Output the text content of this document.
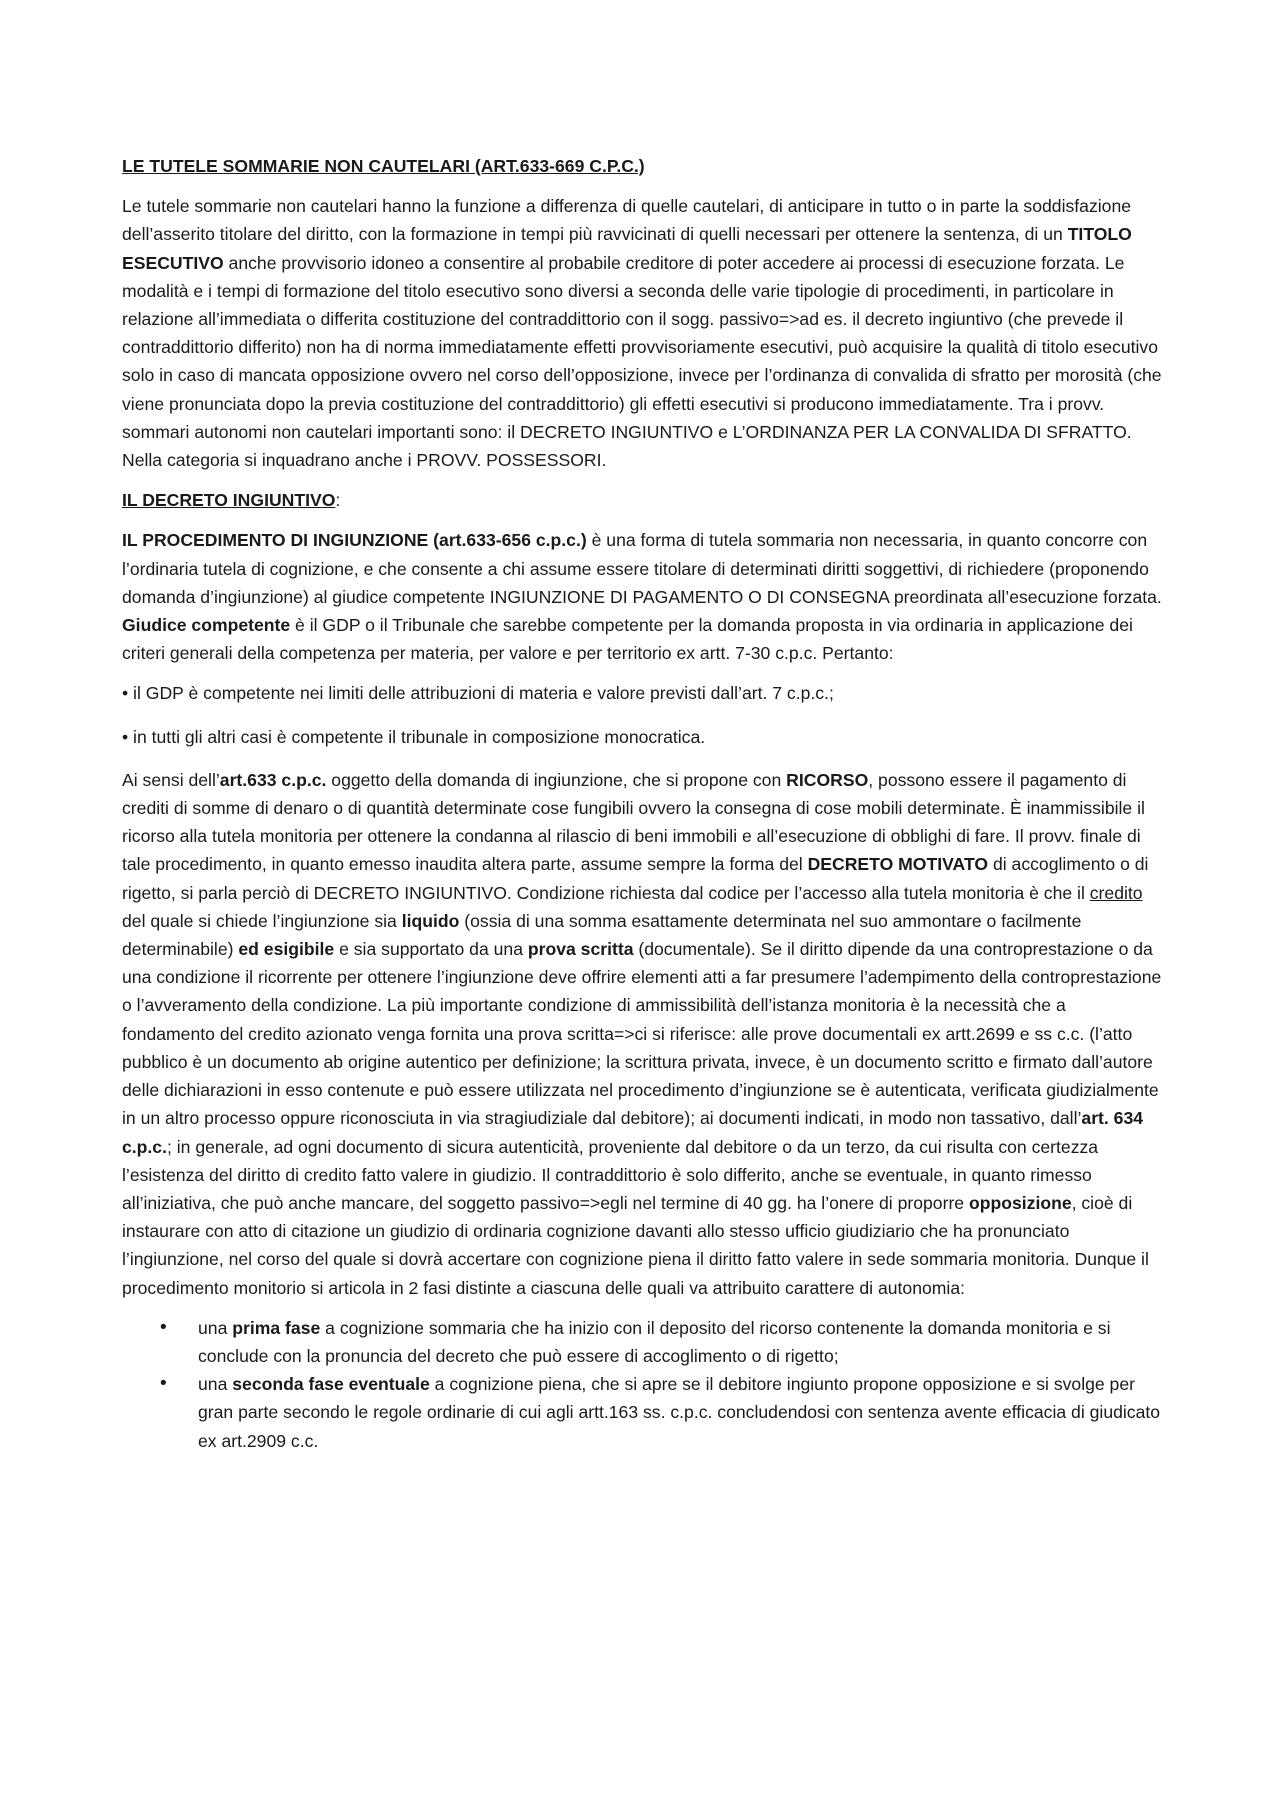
LE TUTELE SOMMARIE NON CAUTELARI (ART.633-669 C.P.C.)

Le tutele sommarie non cautelari hanno la funzione a differenza di quelle cautelari, di anticipare in tutto o in parte la soddisfazione dell’asserito titolare del diritto, con la formazione in tempi più ravvicinati di quelli necessari per ottenere la sentenza, di un TITOLO ESECUTIVO anche provvisorio idoneo a consentire al probabile creditore di poter accedere ai processi di esecuzione forzata. Le modalità e i tempi di formazione del titolo esecutivo sono diversi a seconda delle varie tipologie di procedimenti, in particolare in relazione all’immediata o differita costituzione del contraddittorio con il sogg. passivo=>ad es. il decreto ingiuntivo (che prevede il contraddittorio differito) non ha di norma immediatamente effetti provvisoriamente esecutivi, può acquisire la qualità di titolo esecutivo solo in caso di mancata opposizione ovvero nel corso dell’opposizione, invece per l’ordinanza di convalida di sfratto per morosità (che viene pronunciata dopo la previa costituzione del contraddittorio) gli effetti esecutivi si producono immediatamente. Tra i provv. sommari autonomi non cautelari importanti sono: il DECRETO INGIUNTIVO e L’ORDINANZA PER LA CONVALIDA DI SFRATTO. Nella categoria si inquadrano anche i PROVV. POSSESSORI.

IL DECRETO INGIUNTIVO:

IL PROCEDIMENTO DI INGIUNZIONE (art.633-656 c.p.c.) è una forma di tutela sommaria non necessaria, in quanto concorre con l’ordinaria tutela di cognizione, e che consente a chi assume essere titolare di determinati diritti soggettivi, di richiedere (proponendo domanda d’ingiunzione) al giudice competente INGIUNZIONE DI PAGAMENTO O DI CONSEGNA preordinata all’esecuzione forzata. Giudice competente è il GDP o il Tribunale che sarebbe competente per la domanda proposta in via ordinaria in applicazione dei criteri generali della competenza per materia, per valore e per territorio ex artt. 7-30 c.p.c. Pertanto:

• il GDP è competente nei limiti delle attribuzioni di materia e valore previsti dall’art. 7 c.p.c.;

• in tutti gli altri casi è competente il tribunale in composizione monocratica.

Ai sensi dell’art.633 c.p.c. oggetto della domanda di ingiunzione, che si propone con RICORSO, possono essere il pagamento di crediti di somme di denaro o di quantità determinate cose fungibili ovvero la consegna di cose mobili determinate. È inammissibile il ricorso alla tutela monitoria per ottenere la condanna al rilascio di beni immobili e all’esecuzione di obblighi di fare. Il provv. finale di tale procedimento, in quanto emesso inaudita altera parte, assume sempre la forma del DECRETO MOTIVATO di accoglimento o di rigetto, si parla perciò di DECRETO INGIUNTIVO. Condizione richiesta dal codice per l’accesso alla tutela monitoria è che il credito del quale si chiede l’ingiunzione sia liquido (ossia di una somma esattamente determinata nel suo ammontare o facilmente determinabile) ed esigibile e sia supportato da una prova scritta (documentale). Se il diritto dipende da una controprestazione o da una condizione il ricorrente per ottenere l’ingiunzione deve offrire elementi atti a far presumere l’adempimento della controprestazione o l’avveramento della condizione. La più importante condizione di ammissibilità dell’istanza monitoria è la necessità che a fondamento del credito azionato venga fornita una prova scritta=>ci si riferisce: alle prove documentali ex artt.2699 e ss c.c. (l’atto pubblico è un documento ab origine autentico per definizione; la scrittura privata, invece, è un documento scritto e firmato dall’autore delle dichiarazioni in esso contenute e può essere utilizzata nel procedimento d’ingiunzione se è autenticata, verificata giudizialmente in un altro processo oppure riconosciuta in via stragiudiziale dal debitore); ai documenti indicati, in modo non tassativo, dall’art. 634 c.p.c.; in generale, ad ogni documento di sicura autenticità, proveniente dal debitore o da un terzo, da cui risulta con certezza l’esistenza del diritto di credito fatto valere in giudizio. Il contraddittorio è solo differito, anche se eventuale, in quanto rimesso all’iniziativa, che può anche mancare, del soggetto passivo=>egli nel termine di 40 gg. ha l’onere di proporre opposizione, cioè di instaurare con atto di citazione un giudizio di ordinaria cognizione davanti allo stesso ufficio giudiziario che ha pronunciato l’ingiunzione, nel corso del quale si dovrà accertare con cognizione piena il diritto fatto valere in sede sommaria monitoria. Dunque il procedimento monitorio si articola in 2 fasi distinte a ciascuna delle quali va attribuito carattere di autonomia:

• una prima fase a cognizione sommaria che ha inizio con il deposito del ricorso contenente la domanda monitoria e si conclude con la pronuncia del decreto che può essere di accoglimento o di rigetto;
• una seconda fase eventuale a cognizione piena, che si apre se il debitore ingiunto propone opposizione e si svolge per gran parte secondo le regole ordinarie di cui agli artt.163 ss. c.p.c. concludendosi con sentenza avente efficacia di giudicato ex art.2909 c.c.
